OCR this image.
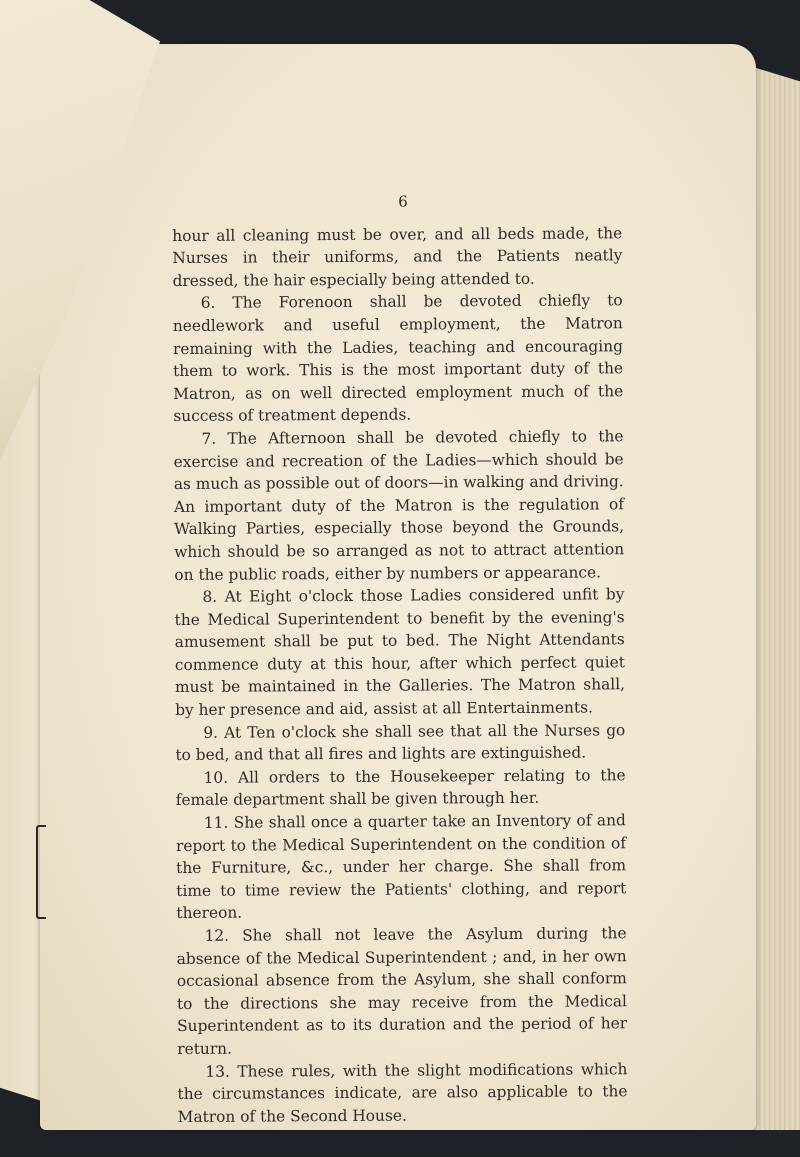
6

hour all cleaning must be over, and all beds made, the Nurses in their uniforms, and the Patients neatly dressed, the hair especially being attended to.

6. The Forenoon shall be devoted chiefly to needlework and useful employment, the Matron remaining with the Ladies, teaching and encouraging them to work. This is the most important duty of the Matron, as on well directed employment much of the success of treatment depends.

7. The Afternoon shall be devoted chiefly to the exercise and recreation of the Ladies—which should be as much as possible out of doors—in walking and driving. An important duty of the Matron is the regulation of Walking Parties, especially those beyond the Grounds, which should be so arranged as not to attract attention on the public roads, either by numbers or appearance.

8. At Eight o'clock those Ladies considered unfit by the Medical Superintendent to benefit by the evening's amusement shall be put to bed. The Night Attendants commence duty at this hour, after which perfect quiet must be maintained in the Galleries. The Matron shall, by her presence and aid, assist at all Entertainments.

9. At Ten o'clock she shall see that all the Nurses go to bed, and that all fires and lights are extinguished.

10. All orders to the Housekeeper relating to the female department shall be given through her.

11. She shall once a quarter take an Inventory of and report to the Medical Superintendent on the condition of the Furniture, &c., under her charge. She shall from time to time review the Patients' clothing, and report thereon.

12. She shall not leave the Asylum during the absence of the Medical Superintendent ; and, in her own occasional absence from the Asylum, she shall conform to the directions she may receive from the Medical Superintendent as to its duration and the period of her return.

13. These rules, with the slight modifications which the circumstances indicate, are also applicable to the Matron of the Second House.
